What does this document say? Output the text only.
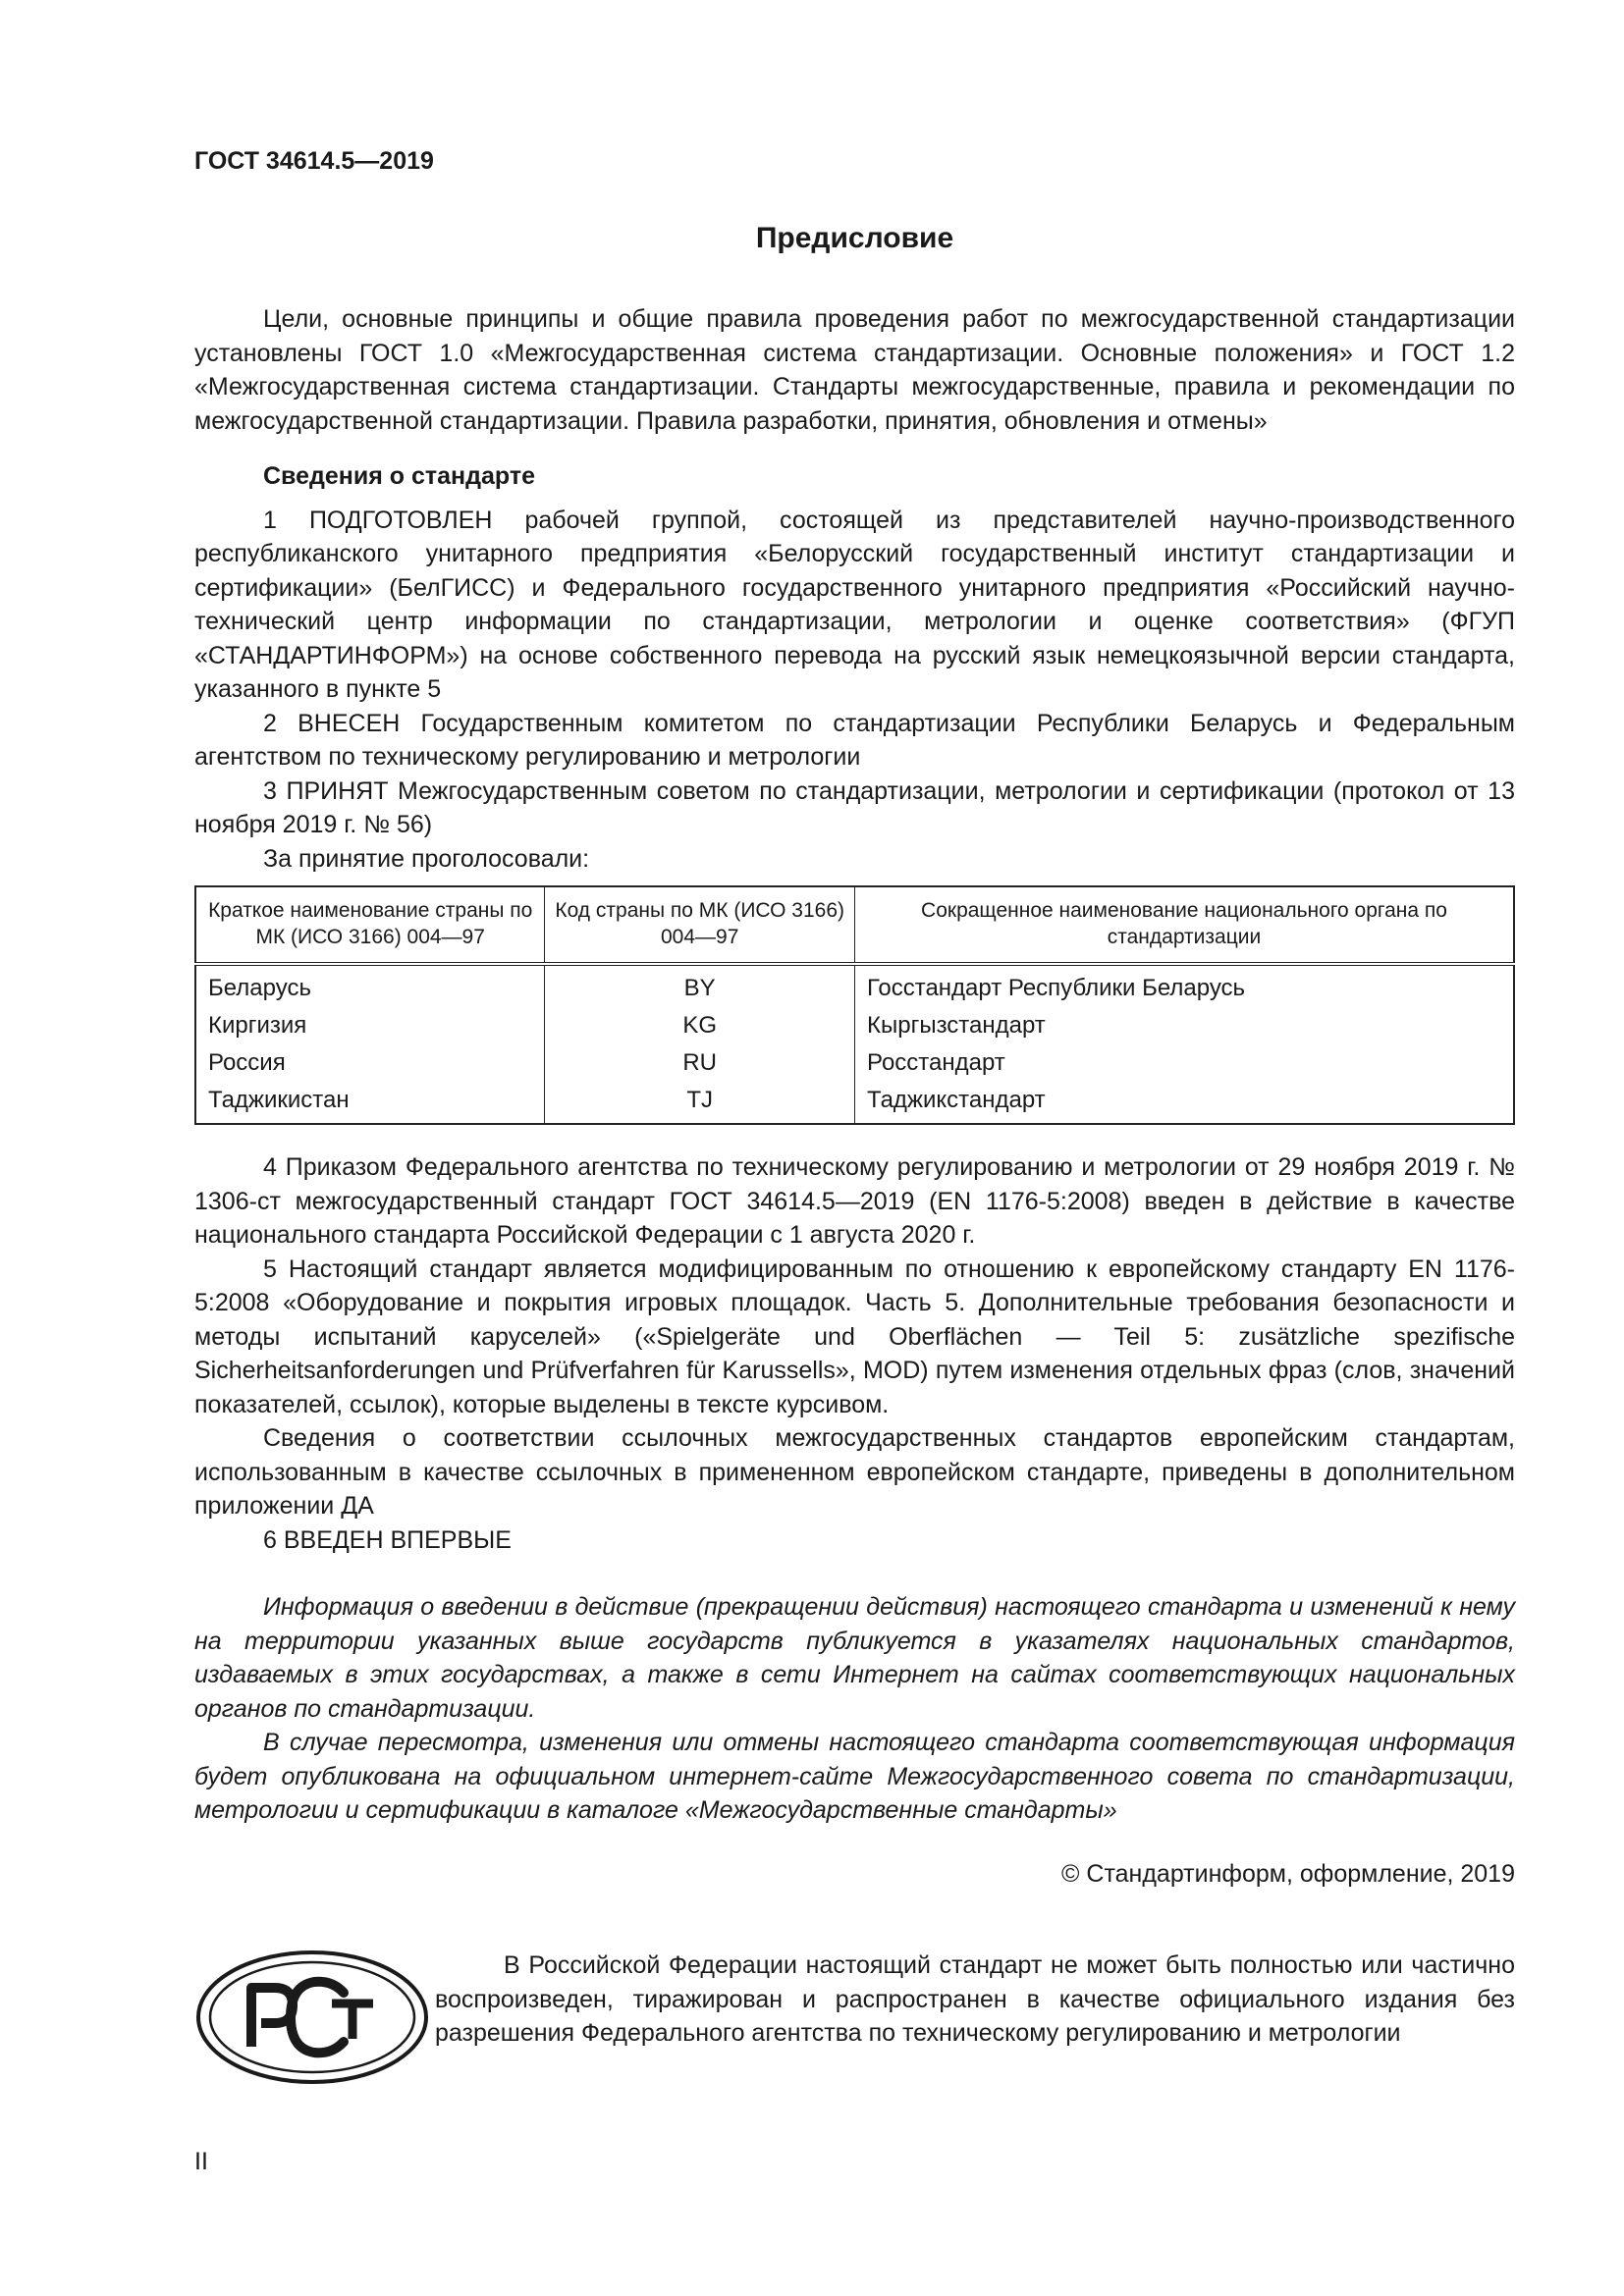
ГОСТ 34614.5—2019
Предисловие

Цели, основные принципы и общие правила проведения работ по межгосударственной стандартизации установлены ГОСТ 1.0 «Межгосударственная система стандартизации. Основные положения» и ГОСТ 1.2 «Межгосударственная система стандартизации. Стандарты межгосударственные, правила и рекомендации по межгосударственной стандартизации. Правила разработки, принятия, обновления и отмены»

Сведения о стандарте

1 ПОДГОТОВЛЕН рабочей группой, состоящей из представителей научно-производственного республиканского унитарного предприятия «Белорусский государственный институт стандартизации и сертификации» (БелГИСС) и Федерального государственного унитарного предприятия «Российский научно-технический центр информации по стандартизации, метрологии и оценке соответствия» (ФГУП «СТАНДАРТИНФОРМ») на основе собственного перевода на русский язык немецкоязычной версии стандарта, указанного в пункте 5

2 ВНЕСЕН Государственным комитетом по стандартизации Республики Беларусь и Федеральным агентством по техническому регулированию и метрологии

3 ПРИНЯТ Межгосударственным советом по стандартизации, метрологии и сертификации (протокол от 13 ноября 2019 г. № 56)

За принятие проголосовали:

Краткое наименование страны по МК (ИСО 3166) 004—97	Код страны по МК (ИСО 3166) 004—97	Сокращенное наименование национального органа по стандартизации
Беларусь	BY	Госстандарт Республики Беларусь
Киргизия	KG	Кыргызстандарт
Россия	RU	Росстандарт
Таджикистан	TJ	Таджикстандарт

4 Приказом Федерального агентства по техническому регулированию и метрологии от 29 ноября 2019 г. № 1306-ст межгосударственный стандарт ГОСТ 34614.5—2019 (EN 1176-5:2008) введен в действие в качестве национального стандарта Российской Федерации с 1 августа 2020 г.

5 Настоящий стандарт является модифицированным по отношению к европейскому стандарту EN 1176-5:2008 «Оборудование и покрытия игровых площадок. Часть 5. Дополнительные требования безопасности и методы испытаний каруселей» («Spielgeräte und Oberflächen — Teil 5: zusätzliche spezifische Sicherheitsanforderungen und Prüfverfahren für Karussells», MOD) путем изменения отдельных фраз (слов, значений показателей, ссылок), которые выделены в тексте курсивом.

Сведения о соответствии ссылочных межгосударственных стандартов европейским стандартам, использованным в качестве ссылочных в примененном европейском стандарте, приведены в дополнительном приложении ДА

6 ВВЕДЕН ВПЕРВЫЕ

Информация о введении в действие (прекращении действия) настоящего стандарта и изменений к нему на территории указанных выше государств публикуется в указателях национальных стандартов, издаваемых в этих государствах, а также в сети Интернет на сайтах соответствующих национальных органов по стандартизации.

В случае пересмотра, изменения или отмены настоящего стандарта соответствующая информация будет опубликована на официальном интернет-сайте Межгосударственного совета по стандартизации, метрологии и сертификации в каталоге «Межгосударственные стандарты»

© Стандартинформ, оформление, 2019
РСТ

В Российской Федерации настоящий стандарт не может быть полностью или частично воспроизведен, тиражирован и распространен в качестве официального издания без разрешения Федерального агентства по техническому регулированию и метрологии

II
